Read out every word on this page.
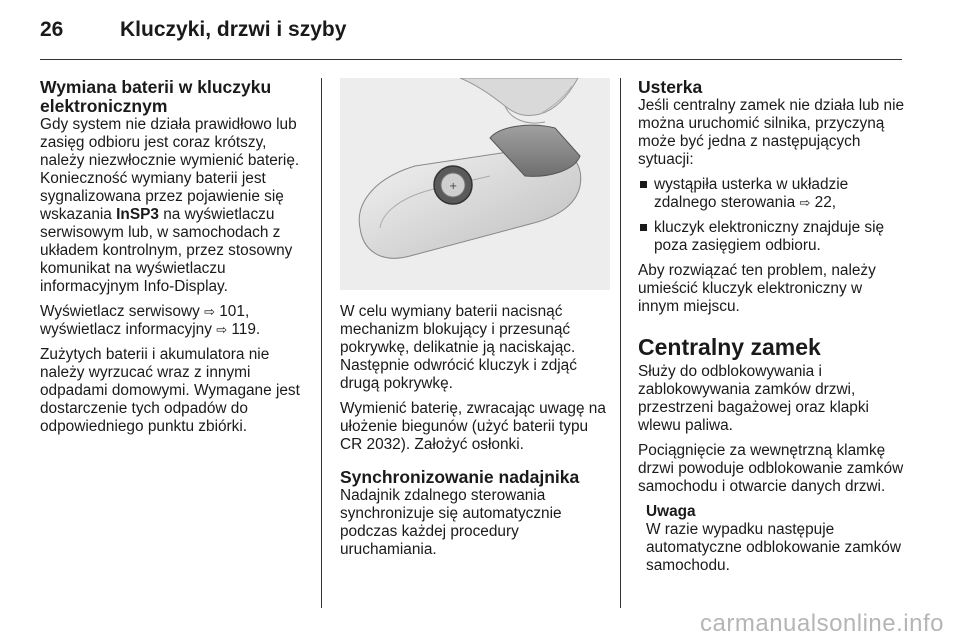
26	Kluczyki, drzwi i szyby
Wymiana baterii w kluczyku elektronicznym

Gdy system nie działa prawidłowo lub zasięg odbioru jest coraz krótszy, należy niezwłocznie wymienić baterię. Konieczność wymiany baterii jest sygnalizowana przez pojawienie się wskazania InSP3 na wyświetlaczu serwisowym lub, w samochodach z układem kontrolnym, przez stosowny komunikat na wyświetlaczu informacyjnym Info-Display.

Wyświetlacz serwisowy ⇨ 101, wyświetlacz informacyjny ⇨ 119.

Zużytych baterii i akumulatora nie należy wyrzucać wraz z innymi odpadami domowymi. Wymagane jest dostarczenie tych odpadów do odpowiedniego punktu zbiórki.

+

W celu wymiany baterii nacisnąć mechanizm blokujący i przesunąć pokrywkę, delikatnie ją naciskając. Następnie odwrócić kluczyk i zdjąć drugą pokrywkę.

Wymienić baterię, zwracając uwagę na ułożenie biegunów (użyć baterii typu CR 2032). Założyć osłonki.

Synchronizowanie nadajnika

Nadajnik zdalnego sterowania synchronizuje się automatycznie podczas każdej procedury uruchamiania.

Usterka

Jeśli centralny zamek nie działa lub nie można uruchomić silnika, przyczyną może być jedna z następujących sytuacji:

wystąpiła usterka w układzie zdalnego sterowania ⇨ 22,
kluczyk elektroniczny znajduje się poza zasięgiem odbioru.

Aby rozwiązać ten problem, należy umieścić kluczyk elektroniczny w innym miejscu.

Centralny zamek

Służy do odblokowywania i zablokowywania zamków drzwi, przestrzeni bagażowej oraz klapki wlewu paliwa.

Pociągnięcie za wewnętrzną klamkę drzwi powoduje odblokowanie zamków samochodu i otwarcie danych drzwi.

Uwaga
W razie wypadku następuje automatyczne odblokowanie zamków samochodu.
carmanualsonline.info
